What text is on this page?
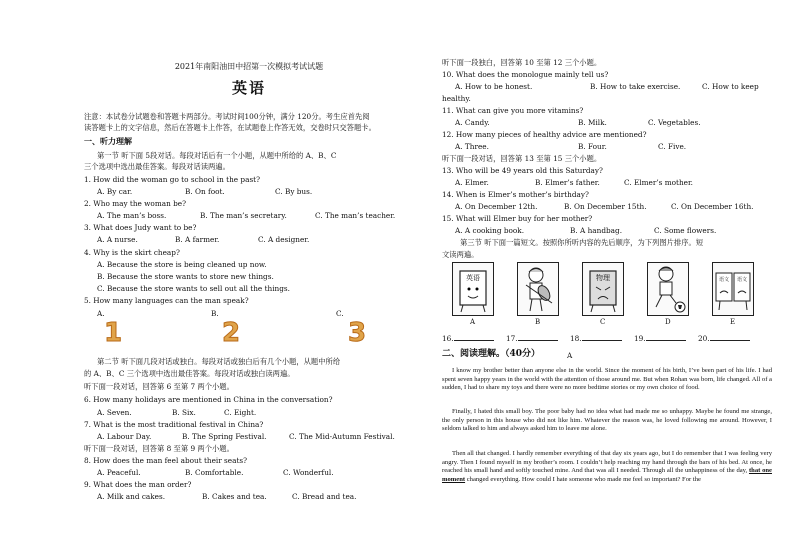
2021年南阳油田中招第一次模拟考试试题
英语
注意：本试卷分试题卷和答题卡两部分。考试时间100分钟，满分 120分。考生应首先阅
读答题卡上的文字信息，然后在答题卡上作答，在试题卷上作答无效，交卷时只交答题卡。
一、听力理解
第一节 听下面 5段对话。每段对话后有一个小题，从题中所给的 A、B、C
三个选项中选出最佳答案。每段对话读两遍。
1. How did the woman go to school in the past?
A. By car.	B. On foot.	C. By bus.
2. Who may the woman be?
A. The man’s boss.	B. The man’s secretary.	C. The man’s teacher.
3. What does Judy want to be?
A. A nurse.	B. A farmer.	C. A designer.
4. Why is the skirt cheap?
A. Because the store is being cleaned up now.
B. Because the store wants to store new things.
C. Because the store wants to sell out all the things.
5. How many languages can the man speak?
A.	B.	C.
1	2	3
第二节 听下面几段对话或独白。每段对话或独白后有几个小题，从题中所给
的 A、B、C 三个选项中选出最佳答案。每段对话或独白读两遍。
听下面一段对话，回答第 6 至第 7 两个小题。
6. How many holidays are mentioned in China in the conversation?
A. Seven.	B. Six.	C. Eight.
7. What is the most traditional festival in China?
A. Labour Day.	B. The Spring Festival.	C. The Mid-Autumn Festival.
听下面一段对话，回答第 8 至第 9 两个小题。
8. How does the man feel about their seats?
A. Peaceful.	B. Comfortable.	C. Wonderful.
9. What does the man order?
A. Milk and cakes.	B. Cakes and tea.	C. Bread and tea.
听下面一段独白，回答第 10 至第 12 三个小题。
10. What does the monologue mainly tell us?
A. How to be honest.	B. How to take exercise.	C. How to keep
healthy.
11. What can give you more vitamins?
A. Candy.	B. Milk.	C. Vegetables.
12. How many pieces of healthy advice are mentioned?
A. Three.	B. Four.	C. Five.
听下面一段对话，回答第 13 至第 15 三个小题。
13. Who will be 49 years old this Saturday?
A. Elmer.	B. Elmer’s father.	C. Elmer’s mother.
14. When is Elmer’s mother’s birthday?
A. On December 12th.	B. On December 15th.	C. On December 16th.
15. What will Elmer buy for her mother?
A. A cooking book.	B. A handbag.	C. Some flowers.
第三节 听下面一篇短文。按照你所听内容的先后顺序，为下列图片排序。短
文读两遍。
英语	物理	语文 语文
A	B	C	D	E
16.	17.	18.	19.	20.
二、阅读理解。（40分）	A
I know my brother better than anyone else in the world. Since the moment of his birth, I’ve been part of his life. I had spent seven happy years in the world with the attention of those around me. But when Rohan was born, life changed. All of a sudden, I had to share my toys and there were no more bedtime stories or my own choice of food.
Finally, I hated this small boy. The poor baby had no idea what had made me so unhappy. Maybe he found me strange, the only person in this house who did not like him. Whatever the reason was, he loved following me around. However, I seldom talked to him and always asked him to leave me alone.
Then all that changed. I hardly remember everything of that day six years ago, but I do remember that I was feeling very angry. Then I found myself in my brother’s room. I couldn’t help reaching my hand through the bars of his bed. At once, he reached his small hand and softly touched mine. And that was all I needed. Through all the unhappiness of the day, that one moment changed everything. How could I hate someone who made me feel so important? For the
